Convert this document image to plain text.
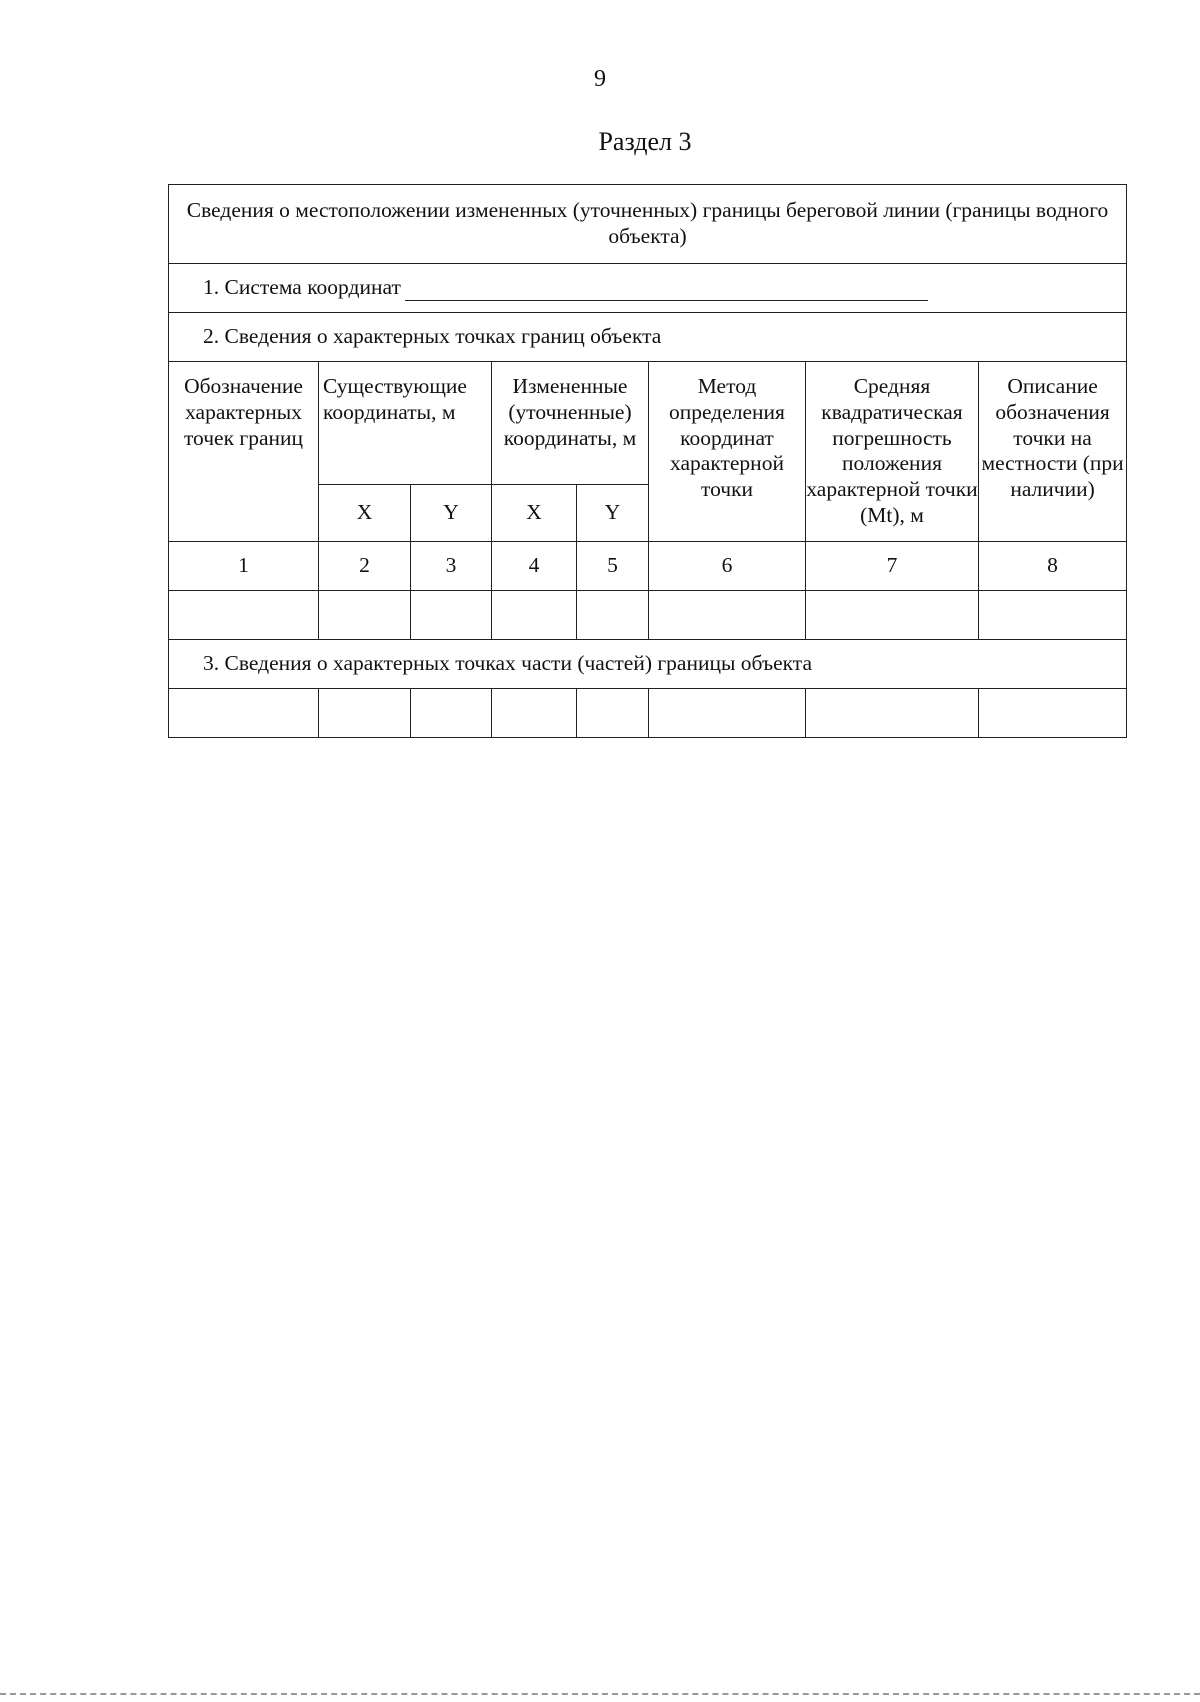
9
Раздел 3
Сведения о местоположении измененных (уточненных) границы береговой линии (границы водного объекта)							
1. Система координат							
2. Сведения о характерных точках границ объекта							
Обозначение характерных точек границ	Существующие координаты, м		Измененные (уточненные) координаты, м		Метод определения координат характерной точки	Средняя квадратическая погрешность положения характерной точки (Mt), м	Описание обозначения точки на местности (при наличии)
	X	Y	X	Y			
1	2	3	4	5	6	7	8

3. Сведения о характерных точках части (частей) границы объекта							
